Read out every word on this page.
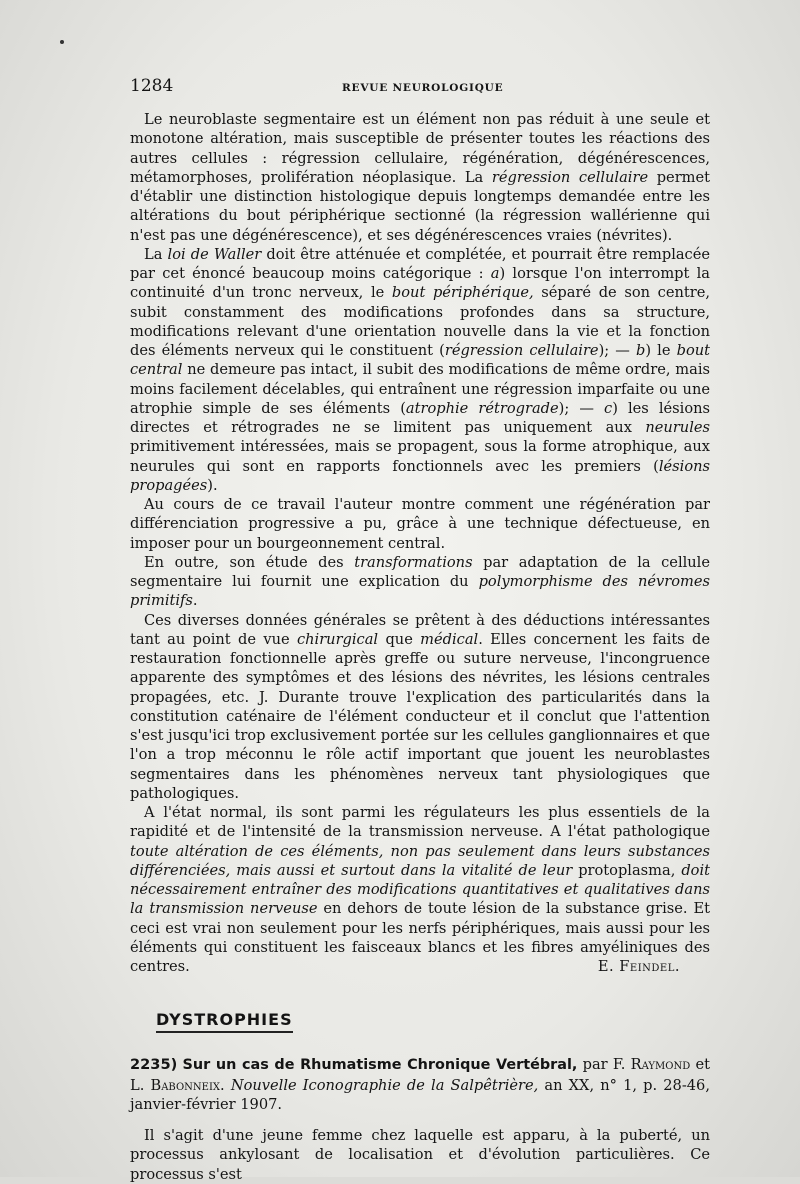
1284	REVUE NEUROLOGIQUE

Le neuroblaste segmentaire est un élément non pas réduit à une seule et monotone altération, mais susceptible de présenter toutes les réactions des autres cellules : régression cellulaire, régénération, dégénérescences, métamorphoses, prolifération néoplasique. La régression cellulaire permet d'établir une distinction histologique depuis longtemps demandée entre les altérations du bout périphérique sectionné (la régression wallérienne qui n'est pas une dégénérescence), et ses dégénérescences vraies (névrites).

La loi de Waller doit être atténuée et complétée, et pourrait être remplacée par cet énoncé beaucoup moins catégorique : a) lorsque l'on interrompt la continuité d'un tronc nerveux, le bout périphérique, séparé de son centre, subit constamment des modifications profondes dans sa structure, modifications relevant d'une orientation nouvelle dans la vie et la fonction des éléments nerveux qui le constituent (régression cellulaire); — b) le bout central ne demeure pas intact, il subit des modifications de même ordre, mais moins facilement décelables, qui entraînent une régression imparfaite ou une atrophie simple de ses éléments (atrophie rétrograde); — c) les lésions directes et rétrogrades ne se limitent pas uniquement aux neurules primitivement intéressées, mais se propagent, sous la forme atrophique, aux neurules qui sont en rapports fonctionnels avec les premiers (lésions propagées).

Au cours de ce travail l'auteur montre comment une régénération par différenciation progressive a pu, grâce à une technique défectueuse, en imposer pour un bourgeonnement central.

En outre, son étude des transformations par adaptation de la cellule segmentaire lui fournit une explication du polymorphisme des névromes primitifs.

Ces diverses données générales se prêtent à des déductions intéressantes tant au point de vue chirurgical que médical. Elles concernent les faits de restauration fonctionnelle après greffe ou suture nerveuse, l'incongruence apparente des symptômes et des lésions des névrites, les lésions centrales propagées, etc. J. Durante trouve l'explication des particularités dans la constitution caténaire de l'élément conducteur et il conclut que l'attention s'est jusqu'ici trop exclusivement portée sur les cellules ganglionnaires et que l'on a trop méconnu le rôle actif important que jouent les neuroblastes segmentaires dans les phénomènes nerveux tant physiologiques que pathologiques.

A l'état normal, ils sont parmi les régulateurs les plus essentiels de la rapidité et de l'intensité de la transmission nerveuse. A l'état pathologique toute altération de ces éléments, non pas seulement dans leurs substances différenciées, mais aussi et surtout dans la vitalité de leur protoplasma, doit nécessairement entraîner des modifications quantitatives et qualitatives dans la transmission nerveuse en dehors de toute lésion de la substance grise. Et ceci est vrai non seulement pour les nerfs périphériques, mais aussi pour les éléments qui constituent les faisceaux blancs et les fibres amyéliniques des centres.	E. Feindel.

DYSTROPHIES

2235) Sur un cas de Rhumatisme Chronique Vertébral, par F. Raymond et L. Babonneix. Nouvelle Iconographie de la Salpêtrière, an XX, n° 1, p. 28-46, janvier-février 1907.

Il s'agit d'une jeune femme chez laquelle est apparu, à la puberté, un processus ankylosant de localisation et d'évolution particulières. Ce processus s'est
